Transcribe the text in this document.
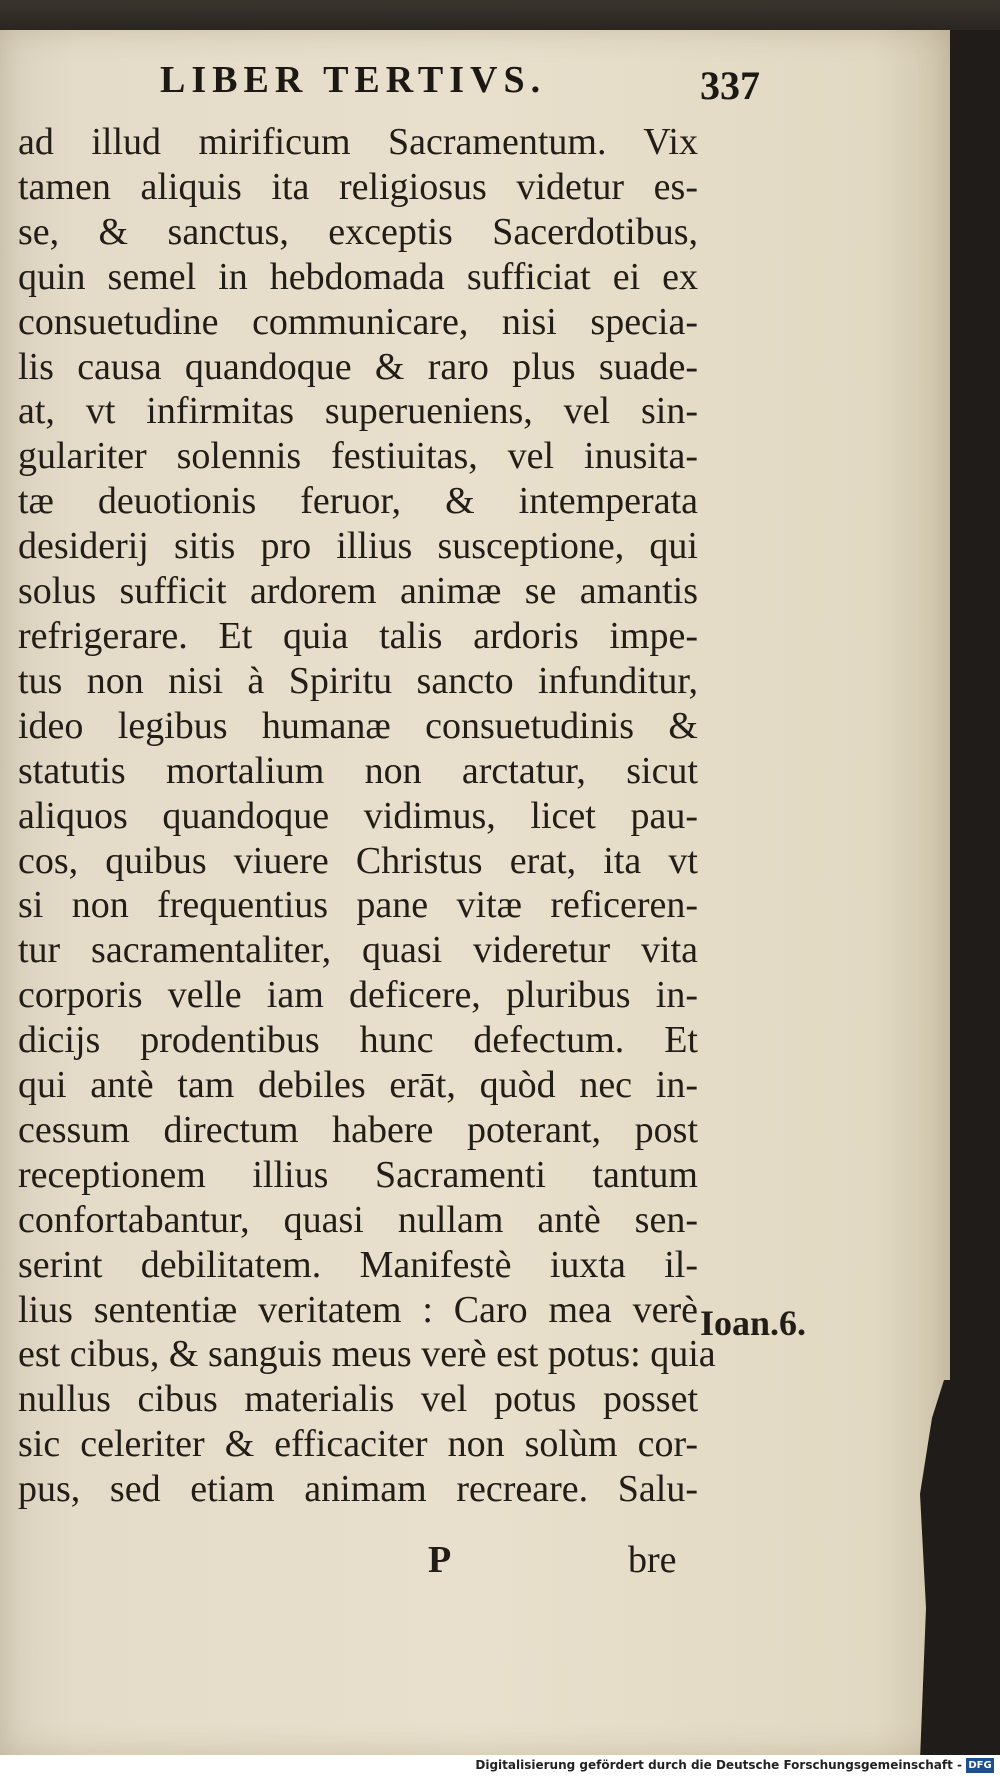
LIBER TERTIVS.	337
ad illud mirificum Sacramentum. Vix
tamen aliquis ita religiosus videtur es-
se, & sanctus, exceptis Sacerdotibus,
quin semel in hebdomada sufficiat ei ex
consuetudine communicare, nisi specia-
lis causa quandoque & raro plus suade-
at, vt infirmitas superueniens, vel sin-
gulariter solennis festiuitas, vel inusita-
tæ deuotionis feruor, & intemperata
desiderij sitis pro illius susceptione, qui
solus sufficit ardorem animæ se amantis
refrigerare. Et quia talis ardoris impe-
tus non nisi à Spiritu sancto infunditur,
ideo legibus humanæ consuetudinis &
statutis mortalium non arctatur, sicut
aliquos quandoque vidimus, licet pau-
cos, quibus viuere Christus erat, ita vt
si non frequentius pane vitæ reficeren-
tur sacramentaliter, quasi videretur vita
corporis velle iam deficere, pluribus in-
dicijs prodentibus hunc defectum. Et
qui antè tam debiles erāt, quòd nec in-
cessum directum habere poterant, post
receptionem illius Sacramenti tantum
confortabantur, quasi nullam antè sen-
serint debilitatem. Manifestè iuxta il-
lius sententiæ veritatem : Caro mea verè
est cibus, & sanguis meus verè est potus: quia
nullus cibus materialis vel potus posset
sic celeriter & efficaciter non solùm cor-
pus, sed etiam animam recreare. Salu-
Ioan.6.
P	bre
Digitalisierung gefördert durch die Deutsche Forschungsgemeinschaft - DFG
